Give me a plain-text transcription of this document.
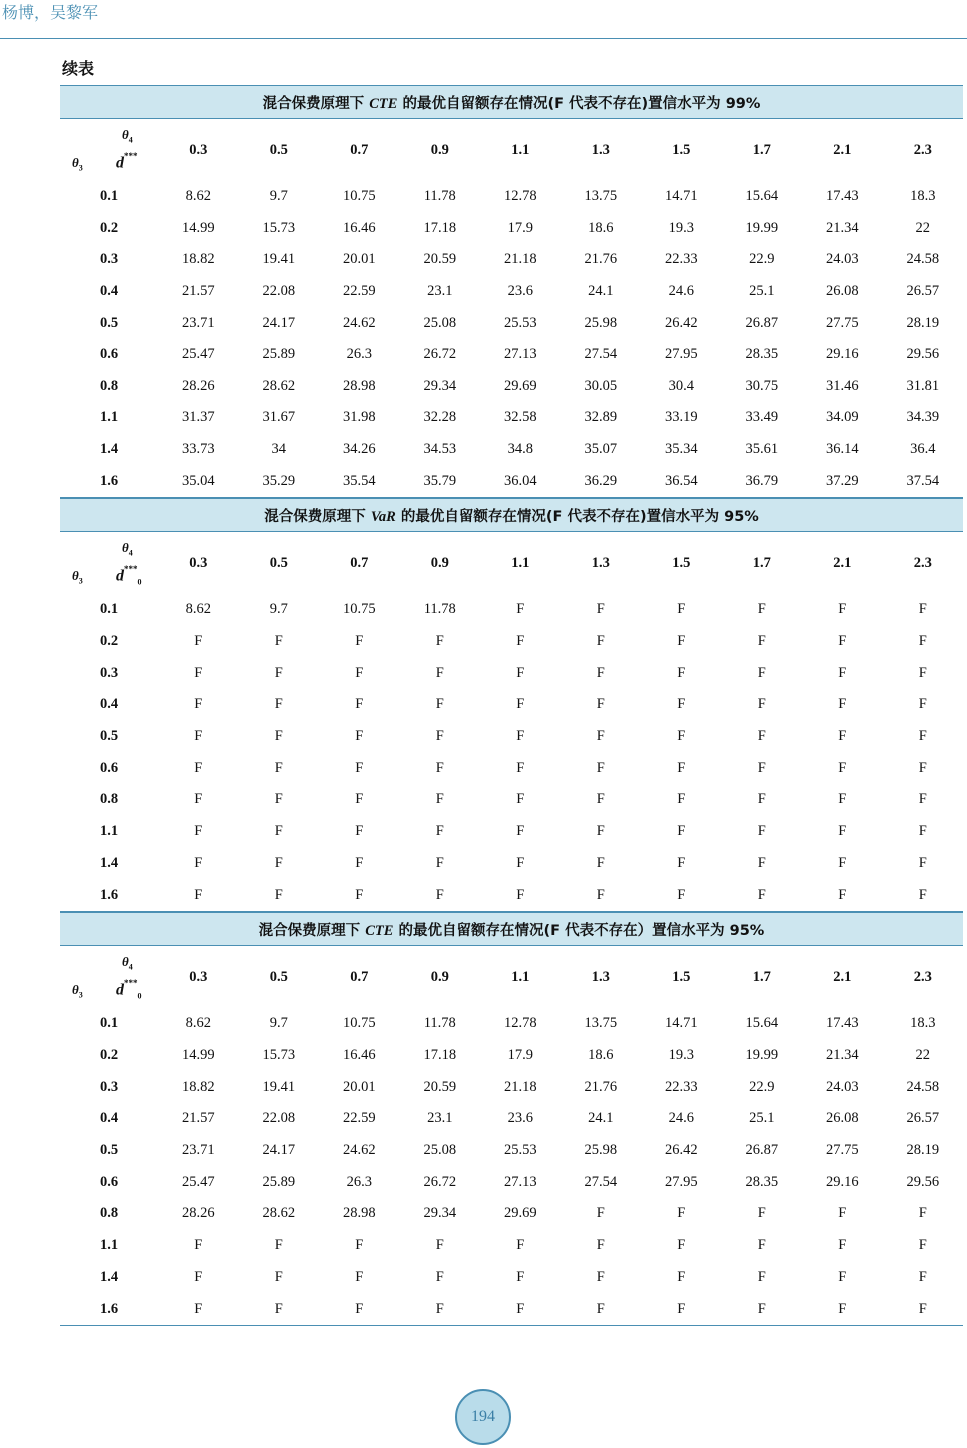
杨博，吴黎军
续表
混合保费原理下 CTE 的最优自留额存在情况(F 代表不存在)置信水平为 99%										

$\theta_4$
$\theta_3$ d***	0.3	0.5	0.7	0.9	1.1	1.3	1.5	1.7	2.1	2.3
0.1	8.62	9.7	10.75	11.78	12.78	13.75	14.71	15.64	17.43	18.3
0.2	14.99	15.73	16.46	17.18	17.9	18.6	19.3	19.99	21.34	22
0.3	18.82	19.41	20.01	20.59	21.18	21.76	22.33	22.9	24.03	24.58
0.4	21.57	22.08	22.59	23.1	23.6	24.1	24.6	25.1	26.08	26.57
0.5	23.71	24.17	24.62	25.08	25.53	25.98	26.42	26.87	27.75	28.19
0.6	25.47	25.89	26.3	26.72	27.13	27.54	27.95	28.35	29.16	29.56
0.8	28.26	28.62	28.98	29.34	29.69	30.05	30.4	30.75	31.46	31.81
1.1	31.37	31.67	31.98	32.28	32.58	32.89	33.19	33.49	34.09	34.39
1.4	33.73	34	34.26	34.53	34.8	35.07	35.34	35.61	36.14	36.4
1.6	35.04	35.29	35.54	35.79	36.04	36.29	36.54	36.79	37.29	37.54
混合保费原理下 VaR 的最优自留额存在情况(F 代表不存在)置信水平为 95%										

$\theta_4$
$\theta_3$ $d^{***}_0$	0.3	0.5	0.7	0.9	1.1	1.3	1.5	1.7	2.1	2.3
0.1	8.62	9.7	10.75	11.78	F	F	F	F	F	F
0.2	F	F	F	F	F	F	F	F	F	F
0.3	F	F	F	F	F	F	F	F	F	F
0.4	F	F	F	F	F	F	F	F	F	F
0.5	F	F	F	F	F	F	F	F	F	F
0.6	F	F	F	F	F	F	F	F	F	F
0.8	F	F	F	F	F	F	F	F	F	F
1.1	F	F	F	F	F	F	F	F	F	F
1.4	F	F	F	F	F	F	F	F	F	F
1.6	F	F	F	F	F	F	F	F	F	F
混合保费原理下 CTE 的最优自留额存在情况(F 代表不存在）置信水平为 95%										

$\theta_4$
$\theta_3$ $d^{***}_0$	0.3	0.5	0.7	0.9	1.1	1.3	1.5	1.7	2.1	2.3
0.1	8.62	9.7	10.75	11.78	12.78	13.75	14.71	15.64	17.43	18.3
0.2	14.99	15.73	16.46	17.18	17.9	18.6	19.3	19.99	21.34	22
0.3	18.82	19.41	20.01	20.59	21.18	21.76	22.33	22.9	24.03	24.58
0.4	21.57	22.08	22.59	23.1	23.6	24.1	24.6	25.1	26.08	26.57
0.5	23.71	24.17	24.62	25.08	25.53	25.98	26.42	26.87	27.75	28.19
0.6	25.47	25.89	26.3	26.72	27.13	27.54	27.95	28.35	29.16	29.56
0.8	28.26	28.62	28.98	29.34	29.69	F	F	F	F	F
1.1	F	F	F	F	F	F	F	F	F	F
1.4	F	F	F	F	F	F	F	F	F	F
1.6	F	F	F	F	F	F	F	F	F	F
194
